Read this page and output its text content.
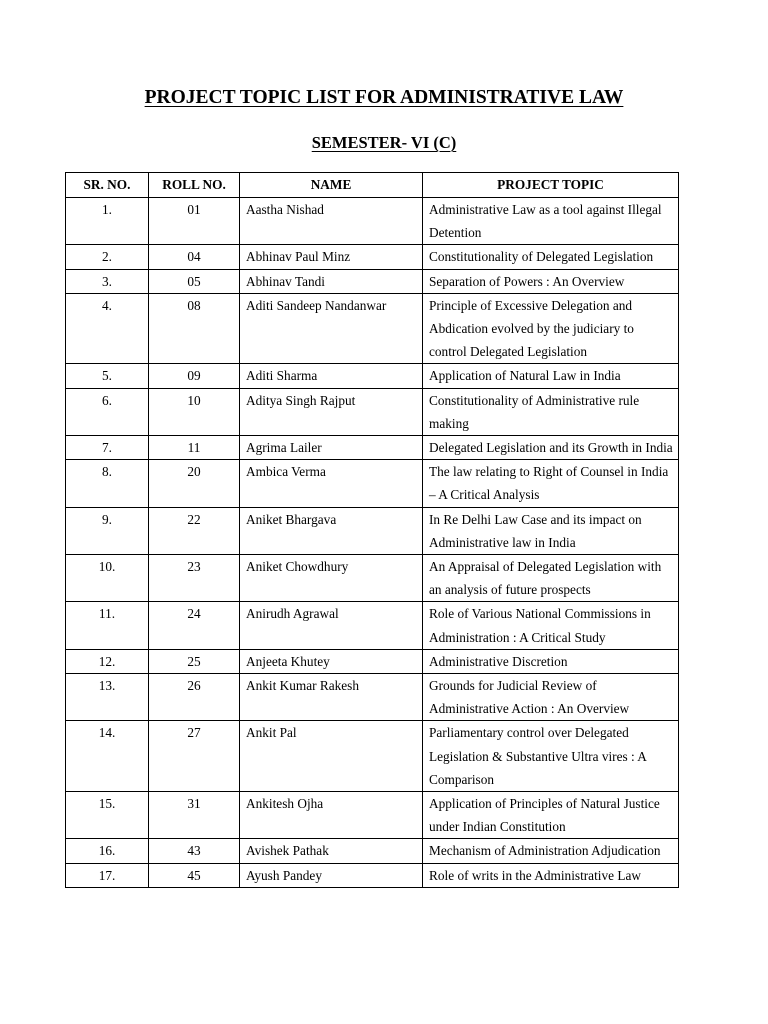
PROJECT TOPIC LIST FOR ADMINISTRATIVE LAW
SEMESTER- VI (C)
SR. NO.	ROLL NO.	NAME	PROJECT TOPIC
1.	01	Aastha Nishad	Administrative Law as a tool against Illegal Detention
2.	04	Abhinav Paul Minz	Constitutionality of Delegated Legislation
3.	05	Abhinav Tandi	Separation of Powers : An Overview
4.	08	Aditi Sandeep Nandanwar	Principle of Excessive Delegation and Abdication evolved by the judiciary to control Delegated Legislation
5.	09	Aditi Sharma	Application of Natural Law in India
6.	10	Aditya Singh Rajput	Constitutionality of Administrative rule making
7.	11	Agrima Lailer	Delegated Legislation and its Growth in India
8.	20	Ambica Verma	The law relating to Right of Counsel in India – A Critical Analysis
9.	22	Aniket Bhargava	In Re Delhi Law Case and its impact on Administrative law in India
10.	23	Aniket Chowdhury	An Appraisal of Delegated Legislation with an analysis of future prospects
11.	24	Anirudh Agrawal	Role of Various National Commissions in Administration : A Critical Study
12.	25	Anjeeta Khutey	Administrative Discretion
13.	26	Ankit Kumar Rakesh	Grounds for Judicial Review of Administrative Action : An Overview
14.	27	Ankit Pal	Parliamentary control over Delegated Legislation & Substantive Ultra vires : A Comparison
15.	31	Ankitesh Ojha	Application of Principles of Natural Justice under Indian Constitution
16.	43	Avishek Pathak	Mechanism of Administration Adjudication
17.	45	Ayush Pandey	Role of writs in the Administrative Law
